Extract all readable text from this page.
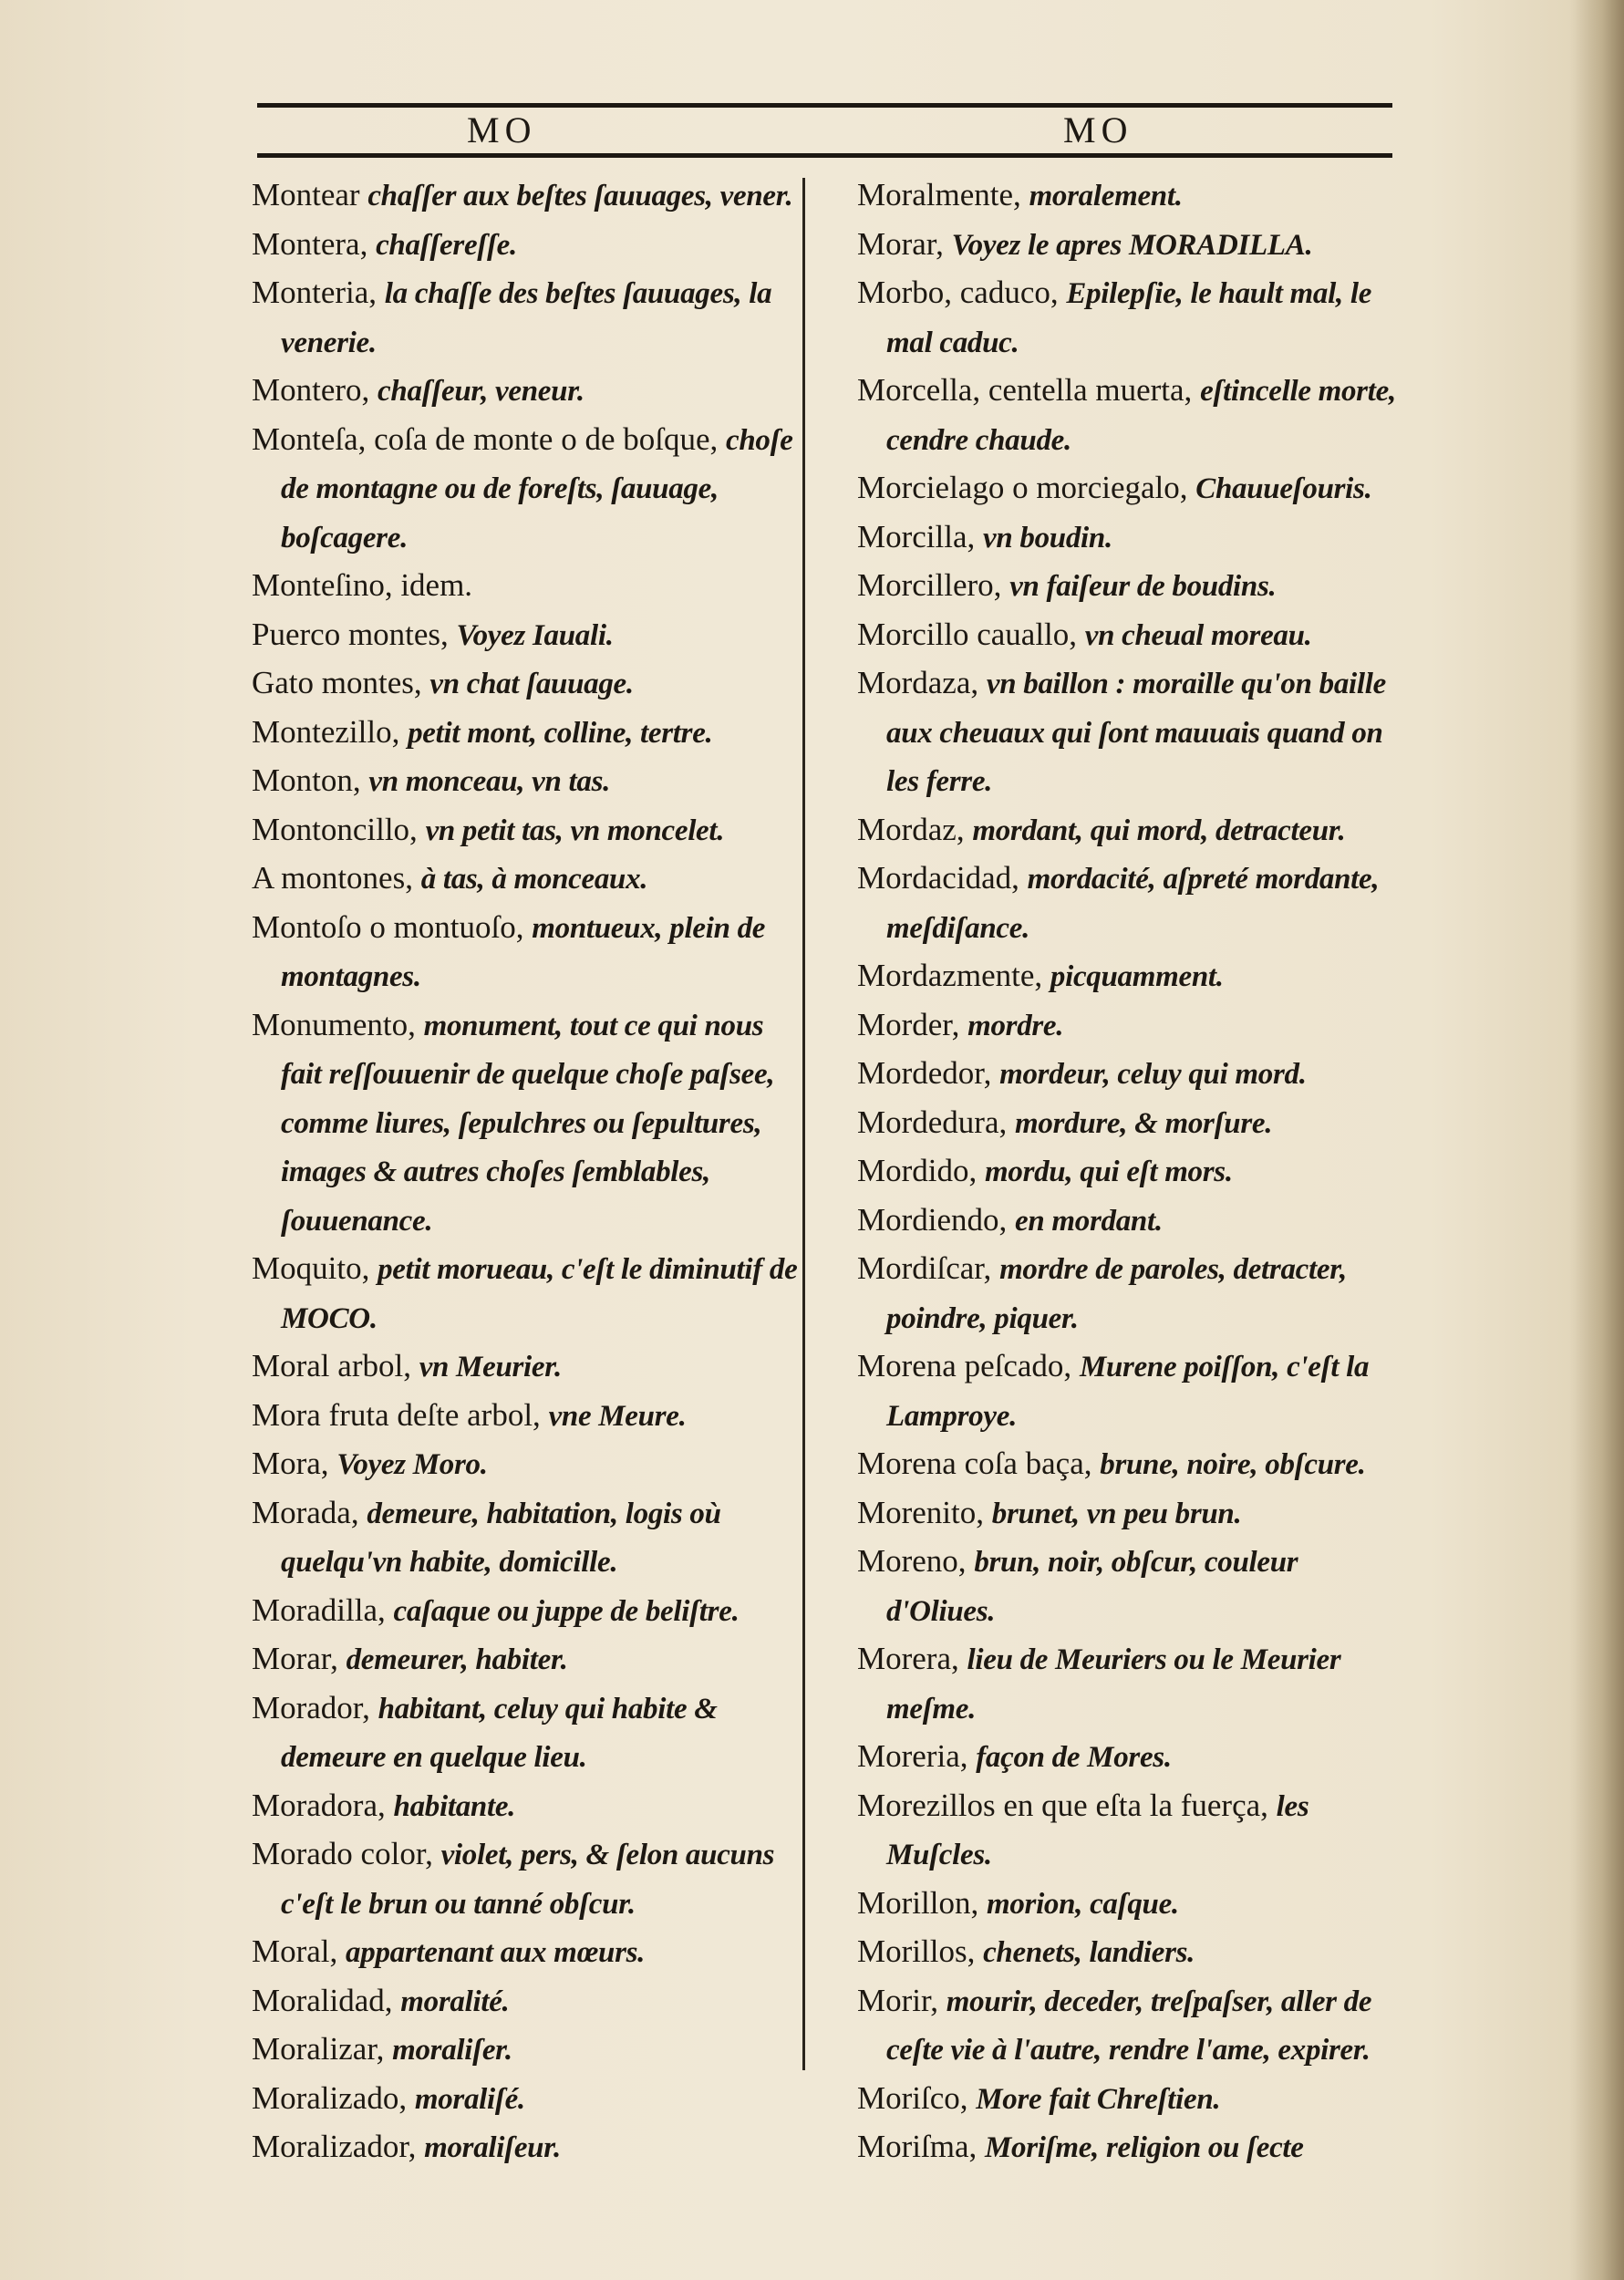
MO	MO
Montear chaſſer aux beſtes ſauuages, vener.
Montera, chaſſereſſe.
Monteria, la chaſſe des beſtes ſauuages, la venerie.
Montero, chaſſeur, veneur.
Monteſa, coſa de monte o de boſque, choſe de montagne ou de foreſts, ſauuage, boſcagere.
Monteſino, idem.
Puerco montes, Voyez Iauali.
Gato montes, vn chat ſauuage.
Montezillo, petit mont, colline, tertre.
Monton, vn monceau, vn tas.
Montoncillo, vn petit tas, vn moncelet.
A montones, à tas, à monceaux.
Montoſo o montuoſo, montueux, plein de montagnes.
Monumento, monument, tout ce qui nous fait reſſouuenir de quelque choſe paſsee, comme liures, ſepulchres ou ſepultures, images & autres choſes ſemblables, ſouuenance.
Moquito, petit morueau, c'eſt le diminutif de MOCO.
Moral arbol, vn Meurier.
Mora fruta deſte arbol, vne Meure.
Mora, Voyez Moro.
Morada, demeure, habitation, logis où quelqu'vn habite, domicille.
Moradilla, caſaque ou juppe de beliſtre.
Morar, demeurer, habiter.
Morador, habitant, celuy qui habite & demeure en quelque lieu.
Moradora, habitante.
Morado color, violet, pers, & ſelon aucuns c'eſt le brun ou tanné obſcur.
Moral, appartenant aux mœurs.
Moralidad, moralité.
Moralizar, moraliſer.
Moralizado, moraliſé.
Moralizador, moraliſeur.
Moralmente, moralement.
Morar, Voyez le apres MORADILLA.
Morbo, caduco, Epilepſie, le hault mal, le mal caduc.
Morcella, centella muerta, eſtincelle morte, cendre chaude.
Morcielago o morciegalo, Chauueſouris.
Morcilla, vn boudin.
Morcillero, vn faiſeur de boudins.
Morcillo cauallo, vn cheual moreau.
Mordaza, vn baillon : moraille qu'on baille aux cheuaux qui ſont mauuais quand on les ferre.
Mordaz, mordant, qui mord, detracteur.
Mordacidad, mordacité, aſpreté mordante, meſdiſance.
Mordazmente, picquamment.
Morder, mordre.
Mordedor, mordeur, celuy qui mord.
Mordedura, mordure, & morſure.
Mordido, mordu, qui eſt mors.
Mordiendo, en mordant.
Mordiſcar, mordre de paroles, detracter, poindre, piquer.
Morena peſcado, Murene poiſſon, c'eſt la Lamproye.
Morena coſa baça, brune, noire, obſcure.
Morenito, brunet, vn peu brun.
Moreno, brun, noir, obſcur, couleur d'Oliues.
Morera, lieu de Meuriers ou le Meurier meſme.
Moreria, façon de Mores.
Morezillos en que eſta la fuerça, les Muſcles.
Morillon, morion, caſque.
Morillos, chenets, landiers.
Morir, mourir, deceder, treſpaſser, aller de ceſte vie à l'autre, rendre l'ame, expirer.
Moriſco, More fait Chreſtien.
Moriſma, Moriſme, religion ou ſecte
